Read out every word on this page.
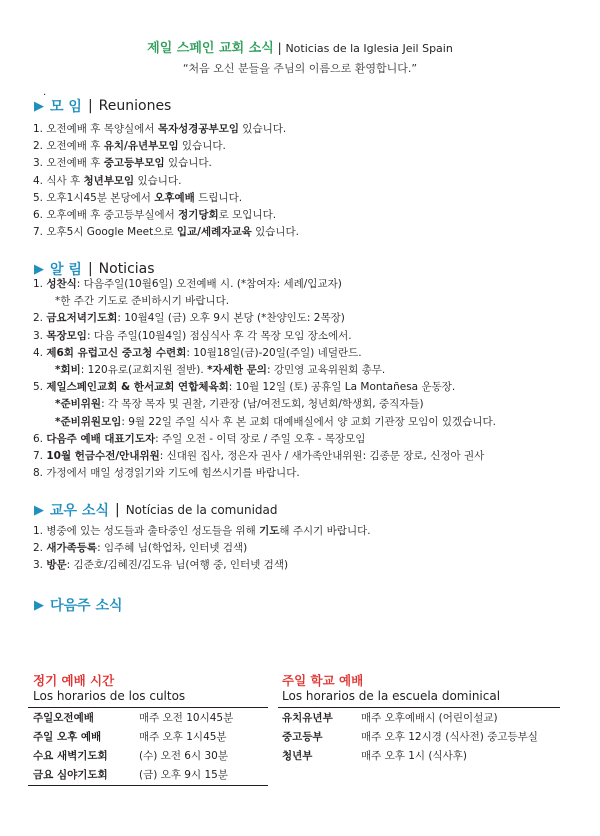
제일 스페인 교회 소식 | Noticias de la Iglesia Jeil Spain
“처음 오신 분들을 주님의 이름으로 환영합니다.”
·
▶ 모 임 | Reuniones
1. 오전예배 후 목양실에서 목자성경공부모임 있습니다.
2. 오전예배 후 유치/유년부모임 있습니다.
3. 오전예배 후 중고등부모임 있습니다.
4. 식사 후 청년부모임 있습니다.
5. 오후1시45분 본당에서 오후예배 드립니다.
6. 오후예배 후 중고등부실에서 정기당회로 모입니다.
7. 오후5시 Google Meet으로 입교/세례자교육 있습니다.
▶ 알 림 | Noticias
1. 성찬식: 다음주일(10월6일) 오전예배 시. (*참여자: 세례/입교자)
*한 주간 기도로 준비하시기 바랍니다.
2. 금요저녁기도회: 10월4일 (금) 오후 9시 본당 (*찬양인도: 2목장)
3. 목장모임: 다음 주일(10월4일) 점심식사 후 각 목장 모임 장소에서.
4. 제6회 유럽고신 중고청 수련회: 10월18일(금)-20일(주일) 네덜란드.
*회비: 120유로(교회지원 절반). *자세한 문의: 강민영 교육위원회 총무.
5. 제일스페인교회 & 한서교회 연합체육회: 10월 12일 (토) 공휴일 La Montañesa 운동장.
*준비위원: 각 목장 목자 및 권찰, 기관장 (남/여전도회, 청년회/학생회, 중직자들)
*준비위원모임: 9월 22일 주일 식사 후 본 교회 대예배실에서 양 교회 기관장 모임이 있겠습니다.
6. 다음주 예배 대표기도자: 주일 오전 - 이덕 장로 / 주일 오후 - 목장모임
7. 10월 헌금수전/안내위원: 신대원 집사, 정은자 권사 / 새가족안내위원: 김종문 장로, 신정아 권사
8. 가정에서 매일 성경읽기와 기도에 힘쓰시기를 바랍니다.
▶ 교우 소식 | Notícias de la comunidad
1. 병중에 있는 성도들과 출타중인 성도들을 위해 기도해 주시기 바랍니다.
2. 새가족등록: 임주혜 님(학업차, 인터넷 검색)
3. 방문: 김준호/김혜진/김도유 님(여행 중, 인터넷 검색)
▶ 다음주 소식
정기 예배 시간
Los horarios de los cultos
주일오전예배	매주 오전 10시45분
주일 오후 예배	매주 오후 1시45분
수요 새벽기도회	(수) 오전 6시 30분
금요 심야기도회	(금) 오후 9시 15분
주일 학교 예배
Los horarios de la escuela dominical
유치유년부	매주 오후예배시 (어린이설교)
중고등부	매주 오후 12시경 (식사전) 중고등부실
청년부	매주 오후 1시 (식사후)
